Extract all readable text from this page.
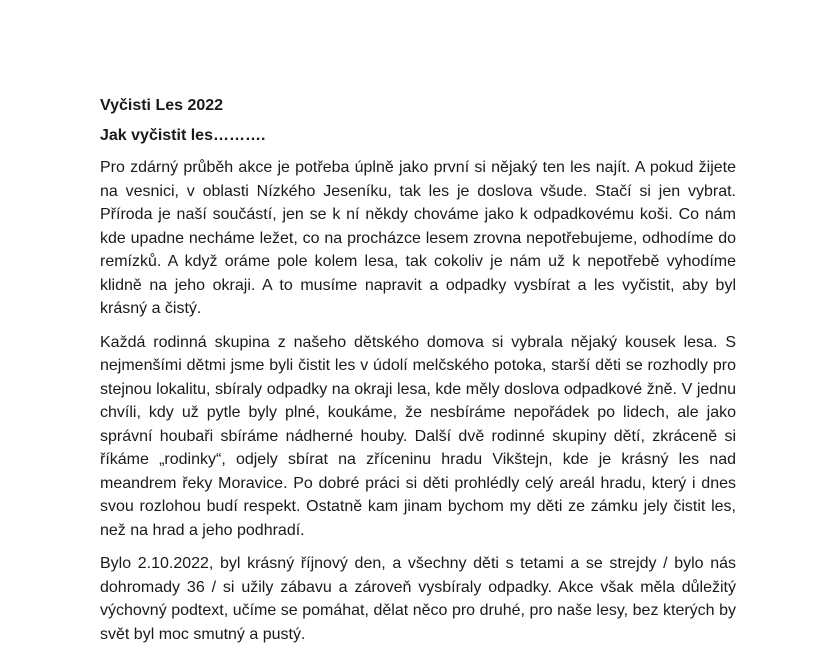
Vyčisti Les 2022
Jak vyčistit les……….

Pro zdárný průběh akce je potřeba úplně jako první si nějaký ten les najít. A pokud žijete na vesnici, v oblasti Nízkého Jeseníku, tak les je doslova všude. Stačí si jen vybrat. Příroda je naší součástí, jen se k ní někdy chováme jako k odpadkovému koši. Co nám kde upadne necháme ležet, co na procházce lesem zrovna nepotřebujeme, odhodíme do remízků. A když oráme pole kolem lesa, tak cokoliv je nám už k nepotřebě vyhodíme klidně na jeho okraji. A to musíme napravit a odpadky vysbírat a les vyčistit, aby byl krásný a čistý.

Každá rodinná skupina z našeho dětského domova si vybrala nějaký kousek lesa. S nejmenšími dětmi jsme byli čistit les v údolí melčského potoka, starší děti se rozhodly pro stejnou lokalitu, sbíraly odpadky na okraji lesa, kde měly doslova odpadkové žně. V jednu chvíli, kdy už pytle byly plné, koukáme, že nesbíráme nepořádek po lidech, ale jako správní houbaři sbíráme nádherné houby. Další dvě rodinné skupiny dětí, zkráceně si říkáme „rodinky“, odjely sbírat na zříceninu hradu Vikštejn, kde je krásný les nad meandrem řeky Moravice. Po dobré práci si děti prohlédly celý areál hradu, který i dnes svou rozlohou budí respekt. Ostatně kam jinam bychom my děti ze zámku jely čistit les, než na hrad a jeho podhradí.

Bylo 2.10.2022, byl krásný říjnový den, a všechny děti s tetami a se strejdy / bylo nás dohromady 36 / si užily zábavu a zároveň vysbíraly odpadky. Akce však měla důležitý výchovný podtext, učíme se pomáhat, dělat něco pro druhé, pro naše lesy, bez kterých by svět byl moc smutný a pustý.
